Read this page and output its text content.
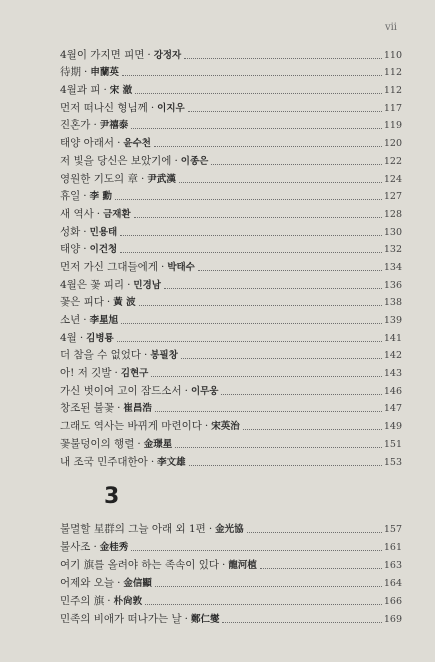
vii
4월이 가지면 피면 · 강정자	110
待期 · 申蘭英	112
4월과 피 · 宋 澈	112
먼저 떠나신 형님께 · 이지우	117
진혼가 · 尹禧泰	119
태양 아래서 · 윤수천	120
저 빛을 당신은 보았기에 · 이종은	122
영원한 기도의 章 · 尹武漢	124
휴일 · 李 勳	127
새 역사 · 금재환	128
성화 · 민용태	130
태양 · 이건청	132
먼저 가신 그대들에게 · 박태수	134
4월은 꽃 피리 · 민경남	136
꽃은 피다 · 黃 波	138
소년 · 李星旭	139
4월 · 김병룡	141
더 참을 수 없었다 · 봉필창	142
아! 저 깃발 · 김현구	143
가신 벗이여 고이 잠드소서 · 이무웅	146
창조된 불꽃 · 崔昌浩	147
그래도 역사는 바뀌게 마련이다 · 宋英治	149
꽃불덩이의 행렬 · 金璟星	151
내 조국 민주대한아 · 李文雄	153
3
불멸할 星群의 그늘 아래 외 1편 · 金光協	157
불사조 · 金桂秀	161
여기 旗를 올려야 하는 족속이 있다 · 龍河植	163
어제와 오늘 · 金信顯	164
민주의 旗 · 朴尙敦	166
민족의 비애가 떠나가는 날 · 鄭仁燮	169
